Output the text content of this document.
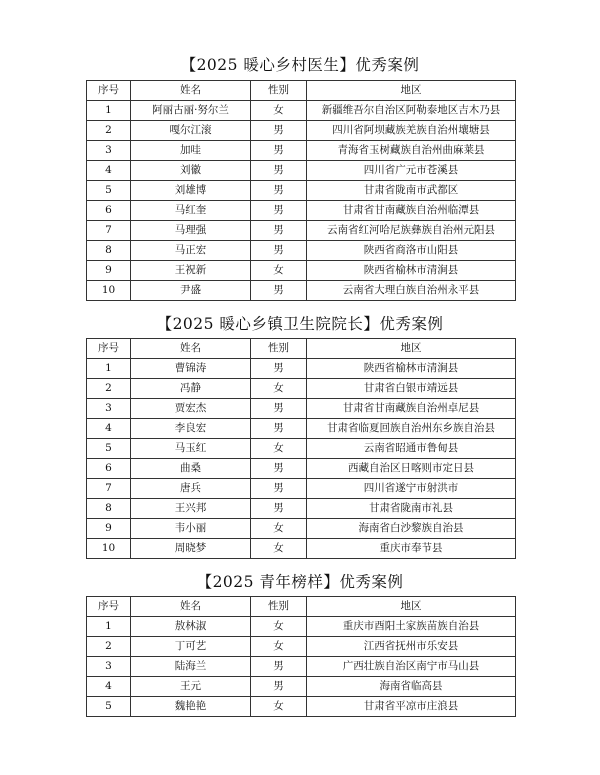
【2025 暖心乡村医生】优秀案例
序号	姓名	性别	地区
1	阿丽古丽·努尔兰	女	新疆维吾尔自治区阿勒泰地区吉木乃县
2	嘎尔江滚	男	四川省阿坝藏族羌族自治州壤塘县
3	加哇	男	青海省玉树藏族自治州曲麻莱县
4	刘徽	男	四川省广元市苍溪县
5	刘雄博	男	甘肃省陇南市武都区
6	马红奎	男	甘肃省甘南藏族自治州临潭县
7	马理强	男	云南省红河哈尼族彝族自治州元阳县
8	马正宏	男	陕西省商洛市山阳县
9	王祝新	女	陕西省榆林市清涧县
10	尹盛	男	云南省大理白族自治州永平县
【2025 暖心乡镇卫生院院长】优秀案例
序号	姓名	性别	地区
1	曹锦涛	男	陕西省榆林市清涧县
2	冯静	女	甘肃省白银市靖远县
3	贾宏杰	男	甘肃省甘南藏族自治州卓尼县
4	李良宏	男	甘肃省临夏回族自治州东乡族自治县
5	马玉红	女	云南省昭通市鲁甸县
6	曲桑	男	西藏自治区日喀则市定日县
7	唐兵	男	四川省遂宁市射洪市
8	王兴邦	男	甘肃省陇南市礼县
9	韦小丽	女	海南省白沙黎族自治县
10	周晓梦	女	重庆市奉节县
【2025 青年榜样】优秀案例
序号	姓名	性别	地区
1	敖林淑	女	重庆市酉阳土家族苗族自治县
2	丁可艺	女	江西省抚州市乐安县
3	陆海兰	男	广西壮族自治区南宁市马山县
4	王元	男	海南省临高县
5	魏艳艳	女	甘肃省平凉市庄浪县
